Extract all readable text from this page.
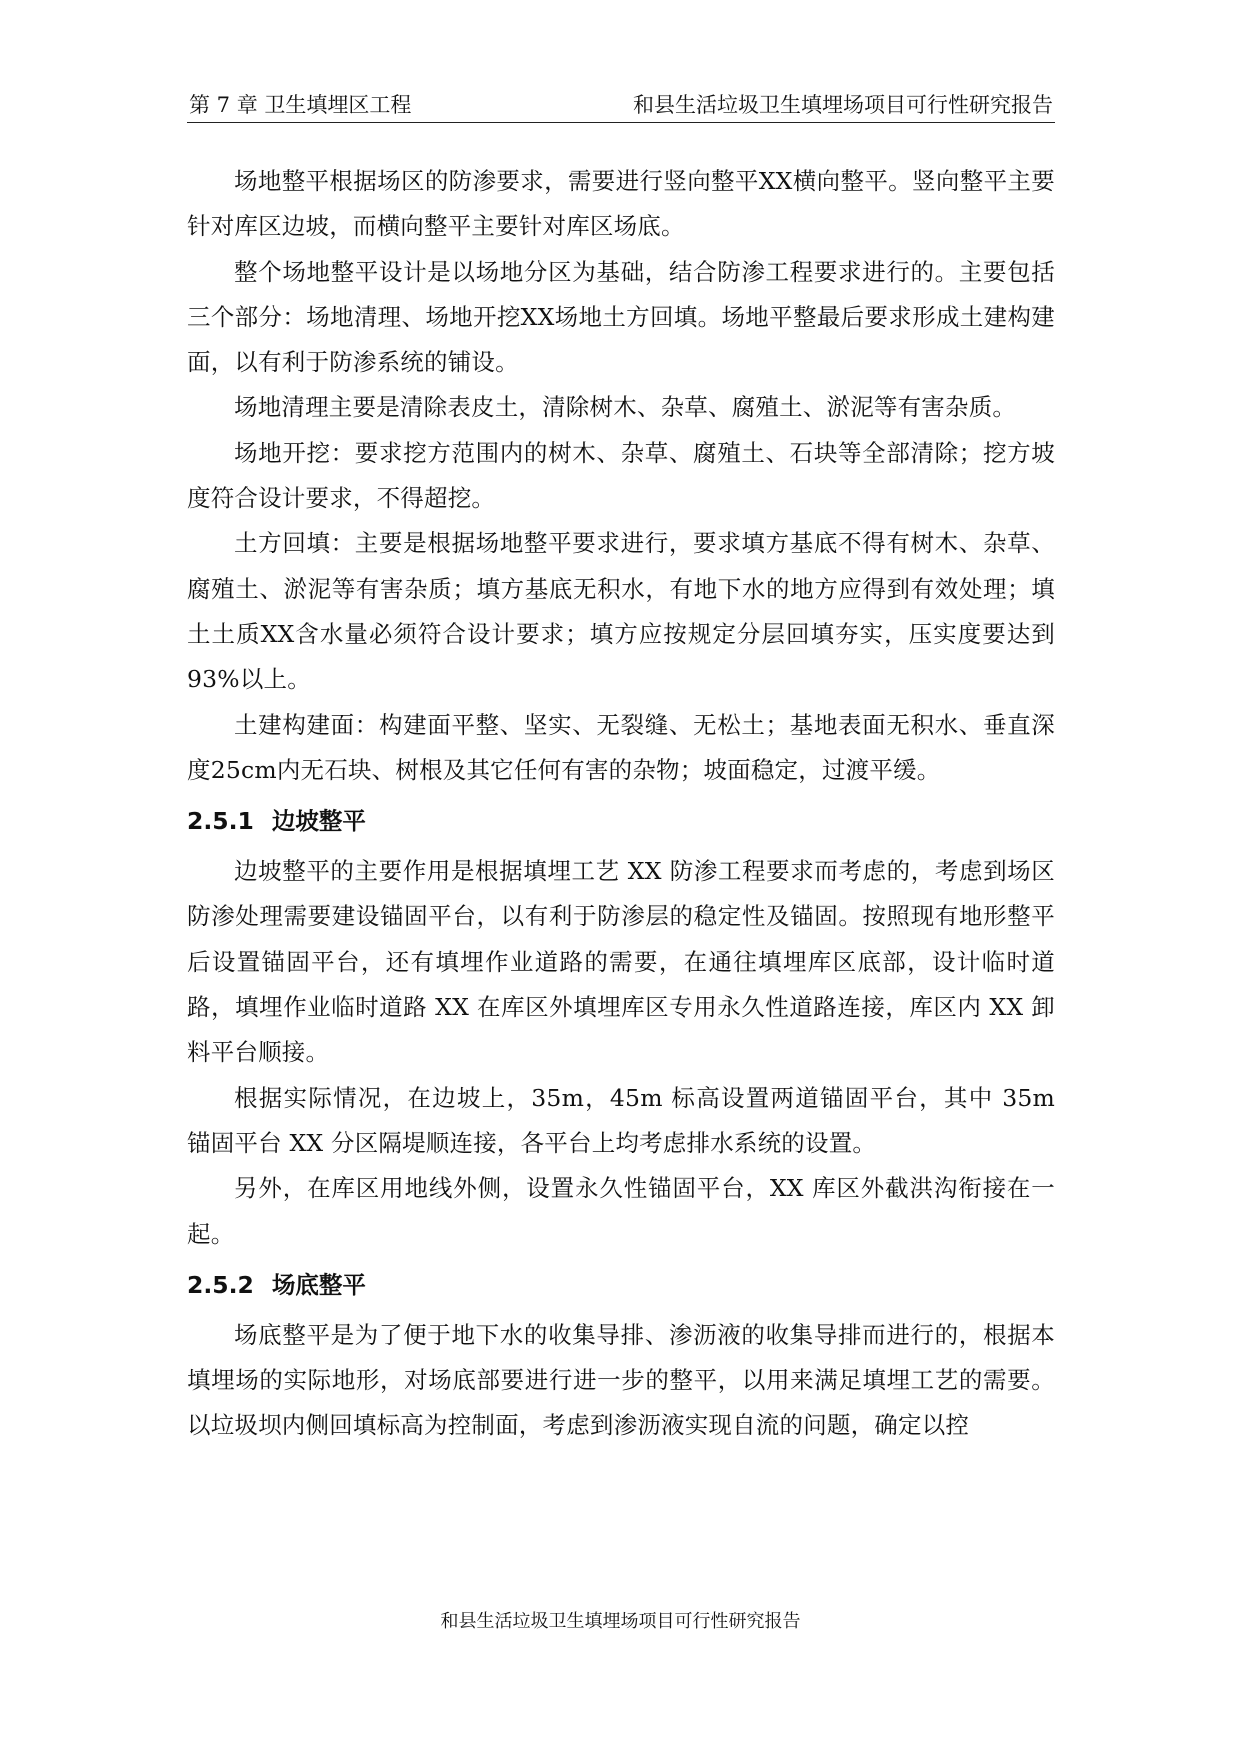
第 7 章 卫生填埋区工程	和县生活垃圾卫生填埋场项目可行性研究报告

场地整平根据场区的防渗要求，需要进行竖向整平XX横向整平。竖向整平主要针对库区边坡，而横向整平主要针对库区场底。

整个场地整平设计是以场地分区为基础，结合防渗工程要求进行的。主要包括三个部分：场地清理、场地开挖XX场地土方回填。场地平整最后要求形成土建构建面，以有利于防渗系统的铺设。

场地清理主要是清除表皮土，清除树木、杂草、腐殖土、淤泥等有害杂质。

场地开挖：要求挖方范围内的树木、杂草、腐殖土、石块等全部清除；挖方坡度符合设计要求，不得超挖。

土方回填：主要是根据场地整平要求进行，要求填方基底不得有树木、杂草、腐殖土、淤泥等有害杂质；填方基底无积水，有地下水的地方应得到有效处理；填土土质XX含水量必须符合设计要求；填方应按规定分层回填夯实，压实度要达到93%以上。

土建构建面：构建面平整、坚实、无裂缝、无松土；基地表面无积水、垂直深度25cm内无石块、树根及其它任何有害的杂物；坡面稳定，过渡平缓。

2.5.1 边坡整平

边坡整平的主要作用是根据填埋工艺 XX 防渗工程要求而考虑的，考虑到场区防渗处理需要建设锚固平台，以有利于防渗层的稳定性及锚固。按照现有地形整平后设置锚固平台，还有填埋作业道路的需要，在通往填埋库区底部，设计临时道路，填埋作业临时道路 XX 在库区外填埋库区专用永久性道路连接，库区内 XX 卸料平台顺接。

根据实际情况，在边坡上，35m，45m 标高设置两道锚固平台，其中 35m 锚固平台 XX 分区隔堤顺连接，各平台上均考虑排水系统的设置。

另外，在库区用地线外侧，设置永久性锚固平台，XX 库区外截洪沟衔接在一起。

2.5.2 场底整平

场底整平是为了便于地下水的收集导排、渗沥液的收集导排而进行的，根据本填埋场的实际地形，对场底部要进行进一步的整平，以用来满足填埋工艺的需要。以垃圾坝内侧回填标高为控制面，考虑到渗沥液实现自流的问题，确定以控

和县生活垃圾卫生填埋场项目可行性研究报告
